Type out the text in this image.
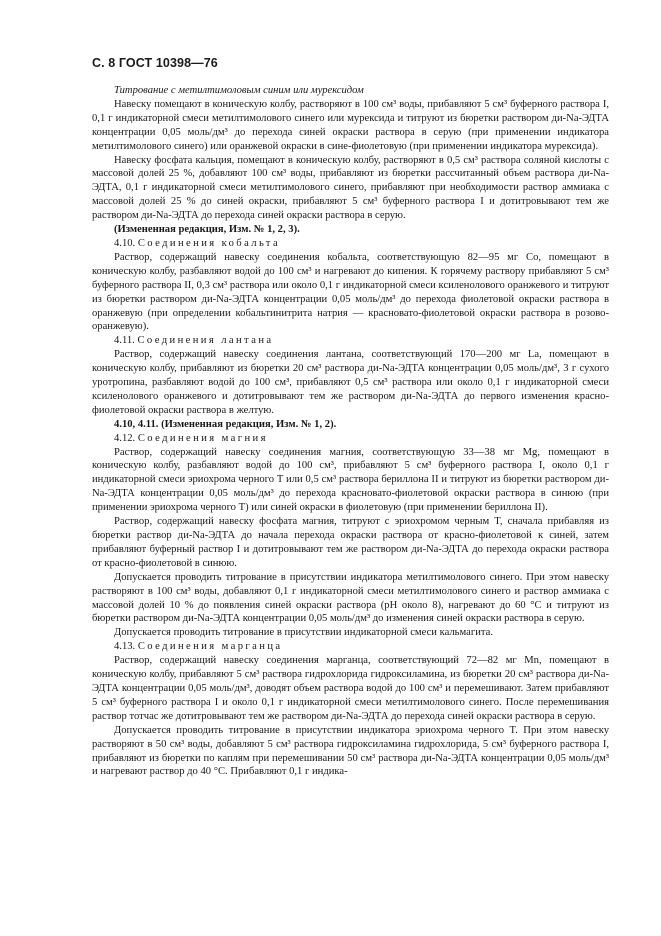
С. 8 ГОСТ 10398—76

Титрование с метилтимоловым синим или мурексидом

Навеску помещают в коническую колбу, растворяют в 100 см³ воды, прибавляют 5 см³ буферного раствора I, 0,1 г индикаторной смеси метилтимолового синего или мурексида и титруют из бюретки раствором ди-Na-ЭДТА концентрации 0,05 моль/дм³ до перехода синей окраски раствора в серую (при применении индикатора метилтимолового синего) или оранжевой окраски в сине-фиолетовую (при применении индикатора мурексида).

Навеску фосфата кальция, помещают в коническую колбу, растворяют в 0,5 см³ раствора соляной кислоты с массовой долей 25 %, добавляют 100 см³ воды, прибавляют из бюретки рассчитанный объем раствора ди-Na-ЭДТА, 0,1 г индикаторной смеси метилтимолового синего, прибавляют при необходимости раствор аммиака с массовой долей 25 % до синей окраски, прибавляют 5 см³ буферного раствора I и дотитровывают тем же раствором ди-Na-ЭДТА до перехода синей окраски раствора в серую.

(Измененная редакция, Изм. № 1, 2, 3).

4.10. Соединения кобальта

Раствор, содержащий навеску соединения кобальта, соответствующую 82—95 мг Co, помещают в коническую колбу, разбавляют водой до 100 см³ и нагревают до кипения. К горячему раствору прибавляют 5 см³ буферного раствора II, 0,3 см³ раствора или около 0,1 г индикаторной смеси ксиленолового оранжевого и титруют из бюретки раствором ди-Na-ЭДТА концентрации 0,05 моль/дм³ до перехода фиолетовой окраски раствора в оранжевую (при определении кобальтинитрита натрия — красновато-фиолетовой окраски раствора в розово-оранжевую).

4.11. Соединения лантана

Раствор, содержащий навеску соединения лантана, соответствующий 170—200 мг La, помещают в коническую колбу, прибавляют из бюретки 20 см³ раствора ди-Na-ЭДТА концентрации 0,05 моль/дм³, 3 г сухого уротропина, разбавляют водой до 100 см³, прибавляют 0,5 см³ раствора или около 0,1 г индикаторной смеси ксиленолового оранжевого и дотитровывают тем же раствором ди-Na-ЭДТА до первого изменения красно-фиолетовой окраски раствора в желтую.

4.10, 4.11. (Измененная редакция, Изм. № 1, 2).

4.12. Соединения магния

Раствор, содержащий навеску соединения магния, соответствующую 33—38 мг Mg, помещают в коническую колбу, разбавляют водой до 100 см³, прибавляют 5 см³ буферного раствора I, около 0,1 г индикаторной смеси эриохрома черного T или 0,5 см³ раствора бериллона II и титруют из бюретки раствором ди-Na-ЭДТА концентрации 0,05 моль/дм³ до перехода красновато-фиолетовой окраски раствора в синюю (при применении эриохрома черного T) или синей окраски в фиолетовую (при применении бериллона II).

Раствор, содержащий навеску фосфата магния, титруют с эриохромом черным T, сначала прибавляя из бюретки раствор ди-Na-ЭДТА до начала перехода окраски раствора от красно-фиолетовой к синей, затем прибавляют буферный раствор I и дотитровывают тем же раствором ди-Na-ЭДТА до перехода окраски раствора от красно-фиолетовой в синюю.

Допускается проводить титрование в присутствии индикатора метилтимолового синего. При этом навеску растворяют в 100 см³ воды, добавляют 0,1 г индикаторной смеси метилтимолового синего и раствор аммиака с массовой долей 10 % до появления синей окраски раствора (pH около 8), нагревают до 60 °С и титруют из бюретки раствором ди-Na-ЭДТА концентрации 0,05 моль/дм³ до изменения синей окраски раствора в серую.

Допускается проводить титрование в присутствии индикаторной смеси кальмагита.

4.13. Соединения марганца

Раствор, содержащий навеску соединения марганца, соответствующий 72—82 мг Mn, помещают в коническую колбу, прибавляют 5 см³ раствора гидрохлорида гидроксиламина, из бюретки 20 см³ раствора ди-Na-ЭДТА концентрации 0,05 моль/дм³, доводят объем раствора водой до 100 см³ и перемешивают. Затем прибавляют 5 см³ буферного раствора I и около 0,1 г индикаторной смеси метилтимолового синего. После перемешивания раствор тотчас же дотитровывают тем же раствором ди-Na-ЭДТА до перехода синей окраски раствора в серую.

Допускается проводить титрование в присутствии индикатора эриохрома черного T. При этом навеску растворяют в 50 см³ воды, добавляют 5 см³ раствора гидроксиламина гидрохлорида, 5 см³ буферного раствора I, прибавляют из бюретки по каплям при перемешивании 50 см³ раствора ди-Na-ЭДТА концентрации 0,05 моль/дм³ и нагревают раствор до 40 °С. Прибавляют 0,1 г индика-
